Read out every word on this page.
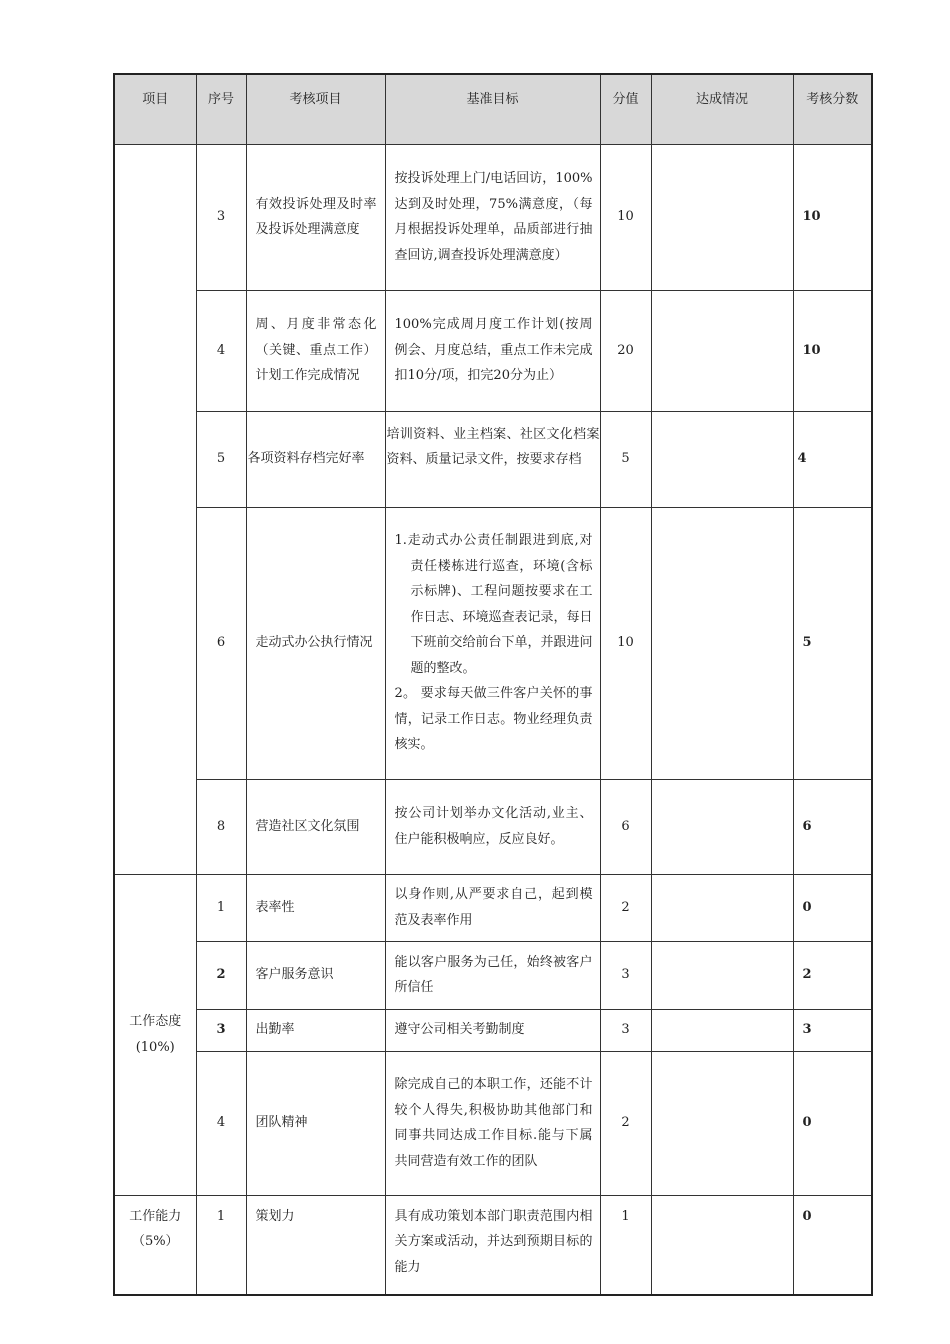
项目	序号	考核项目	基准目标	分值	达成情况	考核分数
	3	有效投诉处理及时率及投诉处理满意度	按投诉处理上门/电话回访，100%达到及时处理，75%满意度，（每月根据投诉处理单，品质部进行抽查回访,调查投诉处理满意度）	10		10
	4	周、月度非常态化（关键、重点工作）计划工作完成情况	100%完成周月度工作计划(按周例会、月度总结，重点工作未完成扣10分/项，扣完20分为止）	20		10
	5	各项资料存档完好率	培训资料、业主档案、社区文化档案资料、质量记录文件，按要求存档	5		4
	6	走动式办公执行情况	1.走动式办公责任制跟进到底,对责任楼栋进行巡查，环境(含标示标牌)、工程问题按要求在工作日志、环境巡查表记录，每日下班前交给前台下单，并跟进问题的整改。
2。 要求每天做三件客户关怀的事情，记录工作日志。物业经理负责核实。	10		5
	8	营造社区文化氛围	按公司计划举办文化活动,业主、住户能积极响应，反应良好。	6		6
工作态度(10%)	1	表率性	以身作则,从严要求自己，起到模范及表率作用	2		0
	2	客户服务意识	能以客户服务为己任，始终被客户所信任	3		2
	3	出勤率	遵守公司相关考勤制度	3		3
	4	团队精神	除完成自己的本职工作，还能不计较个人得失,积极协助其他部门和同事共同达成工作目标.能与下属共同营造有效工作的团队	2		0
工作能力（5%）	1	策划力	具有成功策划本部门职责范围内相关方案或活动，并达到预期目标的能力	1		0
